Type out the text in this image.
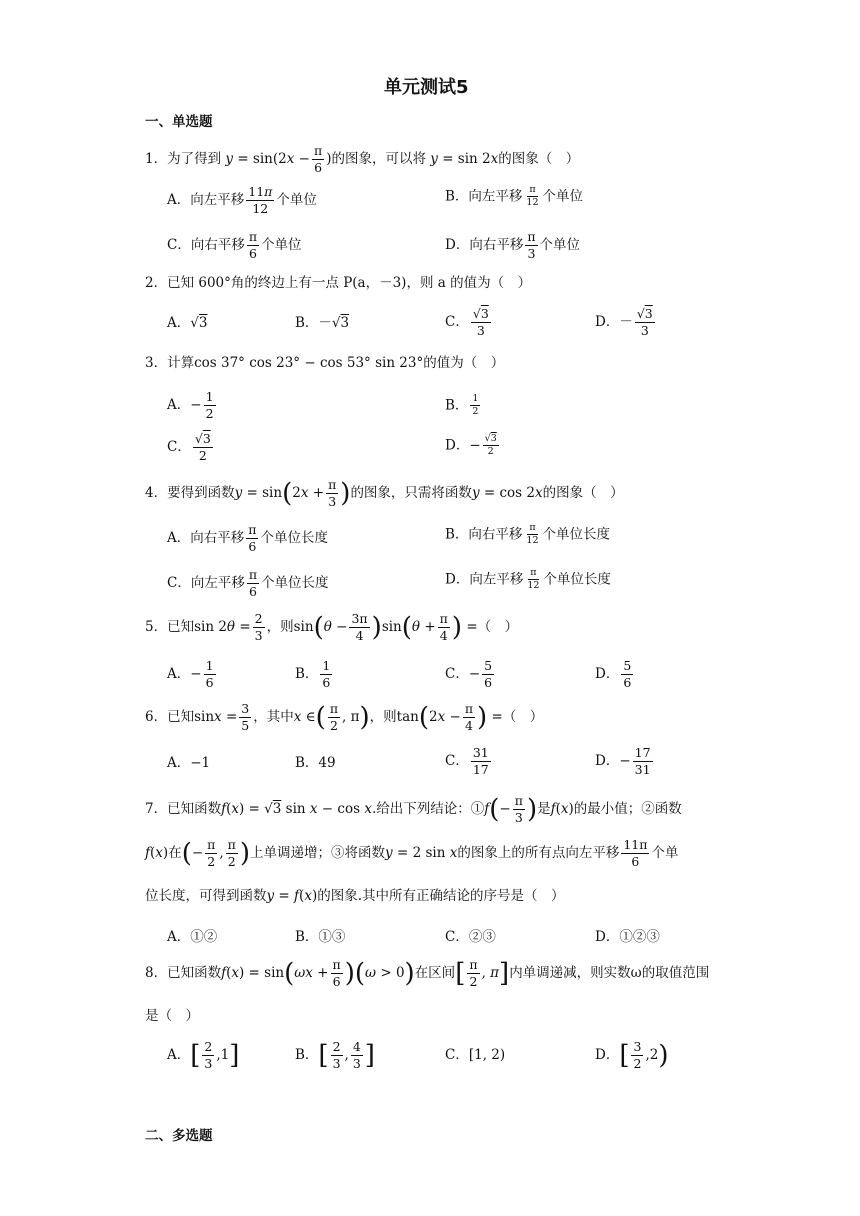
单元测试5
一、单选题
1．为了得到 $y = \sin(2x - \frac{\pi}{6}$ )的图象，可以将 y = sin 2x的图象（　）
A．向左平移 $\frac{11\pi}{12}$ 个单位	B．向左平移 $\frac{\pi}{12}$ 个单位
C．向右平移 $\frac{\pi}{6}$ 个单位	D．向右平移 $\frac{\pi}{3}$ 个单位
2．已知 600°角的终边上有一点 P(a，－3)，则 a 的值为（　）
A．√3	B．－√3	C． $\frac{√3}{3}$	D．－ $\frac{√3}{3}$
3．计算cos 37° cos 23° − cos 53° sin 23°的值为（　）
A．− $\frac{1}{2}$	B． $\frac{1}{2}$
C． $\frac{√3}{2}$	D．− $\frac{√3}{2}$
4．要得到函数$y = \sin(2x + \frac{\pi}{3}$ )的图象，只需将函数y = cos 2x的图象（　）
A．向右平移 $\frac{\pi}{6}$ 个单位长度	B．向右平移 $\frac{\pi}{12}$ 个单位长度
C．向左平移 $\frac{\pi}{6}$ 个单位长度	D．向左平移 $\frac{\pi}{12}$ 个单位长度
5．已知$\sin 2\theta = \frac{2}{3}$ ，则$\sin(\theta - \frac{3\pi}{4} )\sin(\theta + \frac{\pi}{4}$ ) =（　）
A．− $\frac{1}{6}$	B． $\frac{1}{6}$	C．− $\frac{5}{6}$	D． $\frac{5}{6}$
6．已知$\sin x = \frac{3}{5}$ ，其中x ∈( $\frac{\pi}{2}$ , π)，则$\tan(2x - \frac{\pi}{4}$ ) =（　）
A．−1	B．49	C． $\frac{31}{17}$	D．− $\frac{17}{31}$
7．已知函数f(x) = √3 sin x − cos x.给出下列结论：①f(− $\frac{\pi}{3}$ )是f(x)的最小值；②函数
f(x)在(− $\frac{\pi}{2}$ , $\frac{\pi}{2}$ )上单调递增；③将函数y = 2 sin x的图象上的所有点向左平移 $\frac{11\pi}{6}$ 个单
位长度，可得到函数y = f(x)的图象.其中所有正确结论的序号是（　）
A．①②	B．①③	C．②③	D．①②③
8．已知函数$f(x) = \sin(\omega x + \frac{\pi}{6} )(\omega > 0)$在区间[ $\frac{\pi}{2}$ , π]内单调递减，则实数ω的取值范围
是（　）
A．[ $\frac{2}{3} ,1$]	B．[ $\frac{2}{3}$ , $\frac{4}{3}$ ]	C．[1, 2)	D．[ $\frac{3}{2} ,2$)
二、多选题
